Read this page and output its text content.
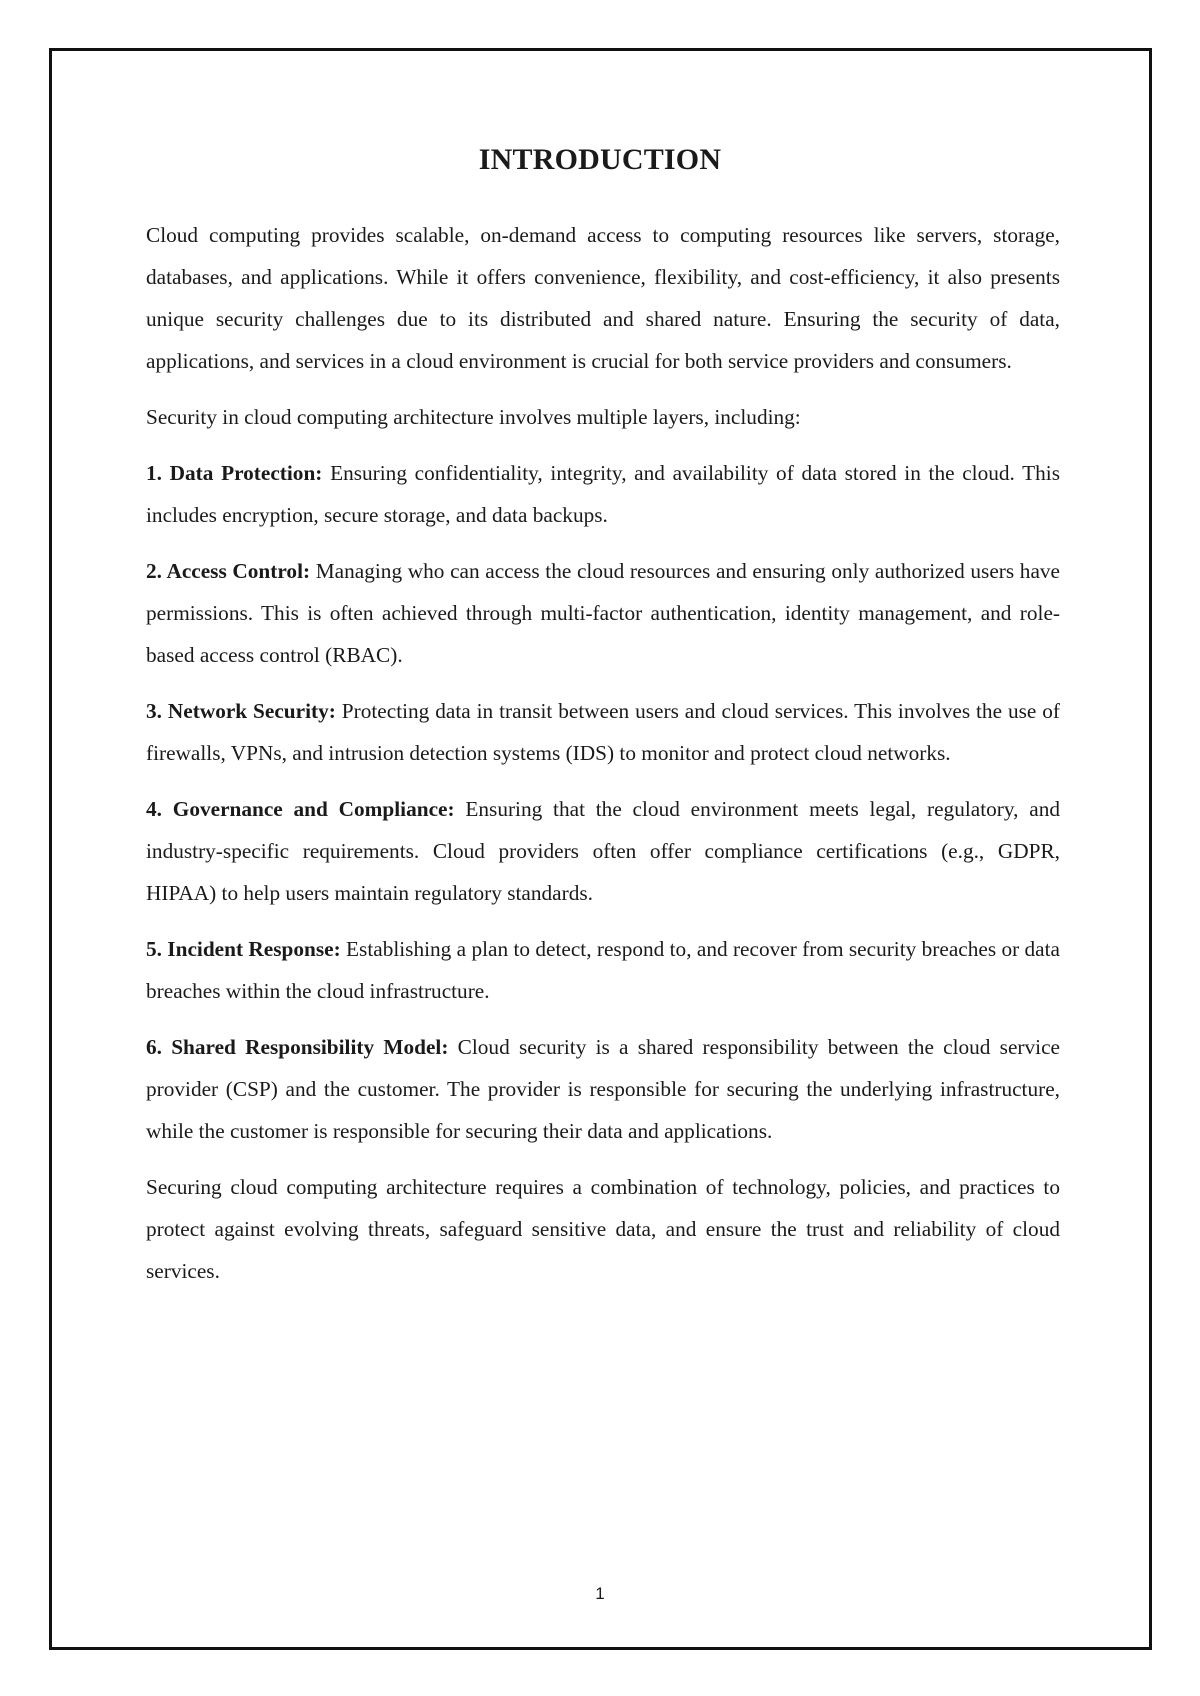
INTRODUCTION

Cloud computing provides scalable, on-demand access to computing resources like servers, storage, databases, and applications. While it offers convenience, flexibility, and cost-efficiency, it also presents unique security challenges due to its distributed and shared nature. Ensuring the security of data, applications, and services in a cloud environment is crucial for both service providers and consumers.

Security in cloud computing architecture involves multiple layers, including:

1. Data Protection: Ensuring confidentiality, integrity, and availability of data stored in the cloud. This includes encryption, secure storage, and data backups.

2. Access Control: Managing who can access the cloud resources and ensuring only authorized users have permissions. This is often achieved through multi-factor authentication, identity management, and role-based access control (RBAC).

3. Network Security: Protecting data in transit between users and cloud services. This involves the use of firewalls, VPNs, and intrusion detection systems (IDS) to monitor and protect cloud networks.

4. Governance and Compliance: Ensuring that the cloud environment meets legal, regulatory, and industry-specific requirements. Cloud providers often offer compliance certifications (e.g., GDPR, HIPAA) to help users maintain regulatory standards.

5. Incident Response: Establishing a plan to detect, respond to, and recover from security breaches or data breaches within the cloud infrastructure.

6. Shared Responsibility Model: Cloud security is a shared responsibility between the cloud service provider (CSP) and the customer. The provider is responsible for securing the underlying infrastructure, while the customer is responsible for securing their data and applications.

Securing cloud computing architecture requires a combination of technology, policies, and practices to protect against evolving threats, safeguard sensitive data, and ensure the trust and reliability of cloud services.

1
